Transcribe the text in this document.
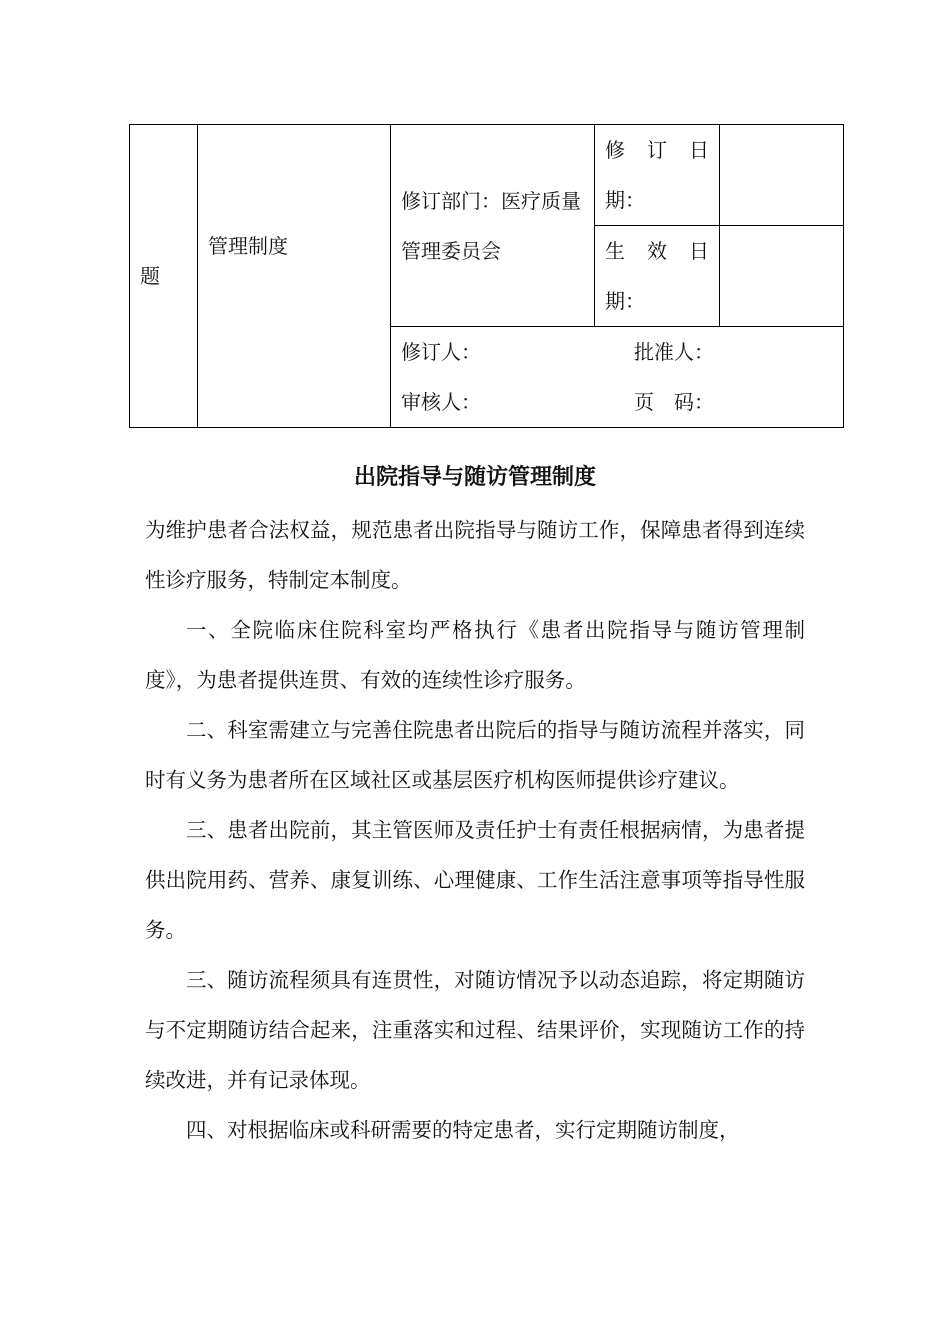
题	管理制度	修订部门：医疗质量管理委员会	修 订 日
期：	

			生 效 日
期：	

		修订人： 批准人：
审核人： 页　码：		
出院指导与随访管理制度

为维护患者合法权益，规范患者出院指导与随访工作，保障患者得到连续性诊疗服务，特制定本制度。

一、全院临床住院科室均严格执行《患者出院指导与随访管理制度》，为患者提供连贯、有效的连续性诊疗服务。

二、科室需建立与完善住院患者出院后的指导与随访流程并落实，同时有义务为患者所在区域社区或基层医疗机构医师提供诊疗建议。

三、患者出院前，其主管医师及责任护士有责任根据病情，为患者提供出院用药、营养、康复训练、心理健康、工作生活注意事项等指导性服务。

三、随访流程须具有连贯性，对随访情况予以动态追踪，将定期随访与不定期随访结合起来，注重落实和过程、结果评价，实现随访工作的持续改进，并有记录体现。

四、对根据临床或科研需要的特定患者，实行定期随访制度，
